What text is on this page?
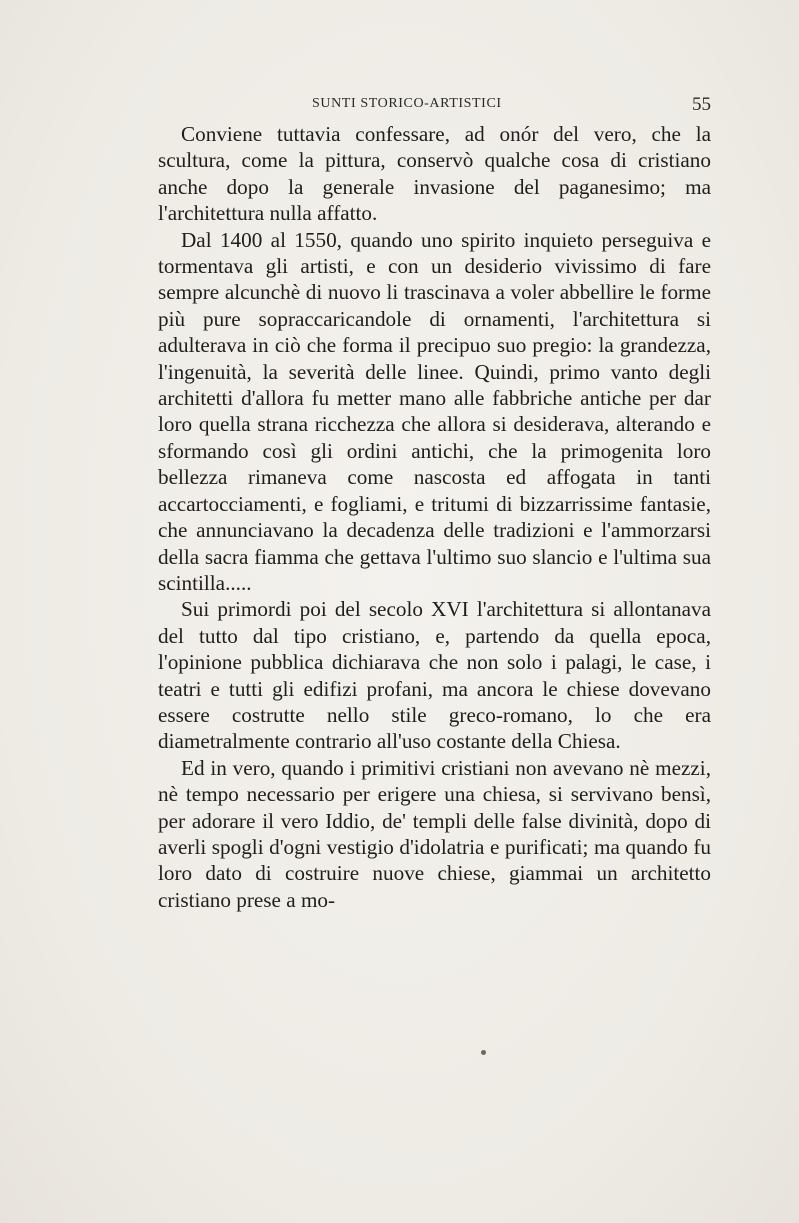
SUNTI STORICO-ARTISTICI	55

Conviene tuttavia confessare, ad onór del vero, che la scultura, come la pittura, conservò qualche cosa di cristiano anche dopo la generale invasione del paganesimo; ma l'architettura nulla affatto.

Dal 1400 al 1550, quando uno spirito inquieto perseguiva e tormentava gli artisti, e con un desiderio vivissimo di fare sempre alcunchè di nuovo li trascinava a voler abbellire le forme più pure sopraccaricandole di ornamenti, l'architettura si adulterava in ciò che forma il precipuo suo pregio: la grandezza, l'ingenuità, la severità delle linee. Quindi, primo vanto degli architetti d'allora fu metter mano alle fabbriche antiche per dar loro quella strana ricchezza che allora si desiderava, alterando e sformando così gli ordini antichi, che la primogenita loro bellezza rimaneva come nascosta ed affogata in tanti accartocciamenti, e fogliami, e tritumi di bizzarrissime fantasie, che annunciavano la decadenza delle tradizioni e l'ammorzarsi della sacra fiamma che gettava l'ultimo suo slancio e l'ultima sua scintilla.....

Sui primordi poi del secolo XVI l'architettura si allontanava del tutto dal tipo cristiano, e, partendo da quella epoca, l'opinione pubblica dichiarava che non solo i palagi, le case, i teatri e tutti gli edifizi profani, ma ancora le chiese dovevano essere costrutte nello stile greco-romano, lo che era diametralmente contrario all'uso costante della Chiesa.

Ed in vero, quando i primitivi cristiani non avevano nè mezzi, nè tempo necessario per erigere una chiesa, si servivano bensì, per adorare il vero Iddio, de' templi delle false divinità, dopo di averli spogli d'ogni vestigio d'idolatria e purificati; ma quando fu loro dato di costruire nuove chiese, giammai un architetto cristiano prese a mo-
